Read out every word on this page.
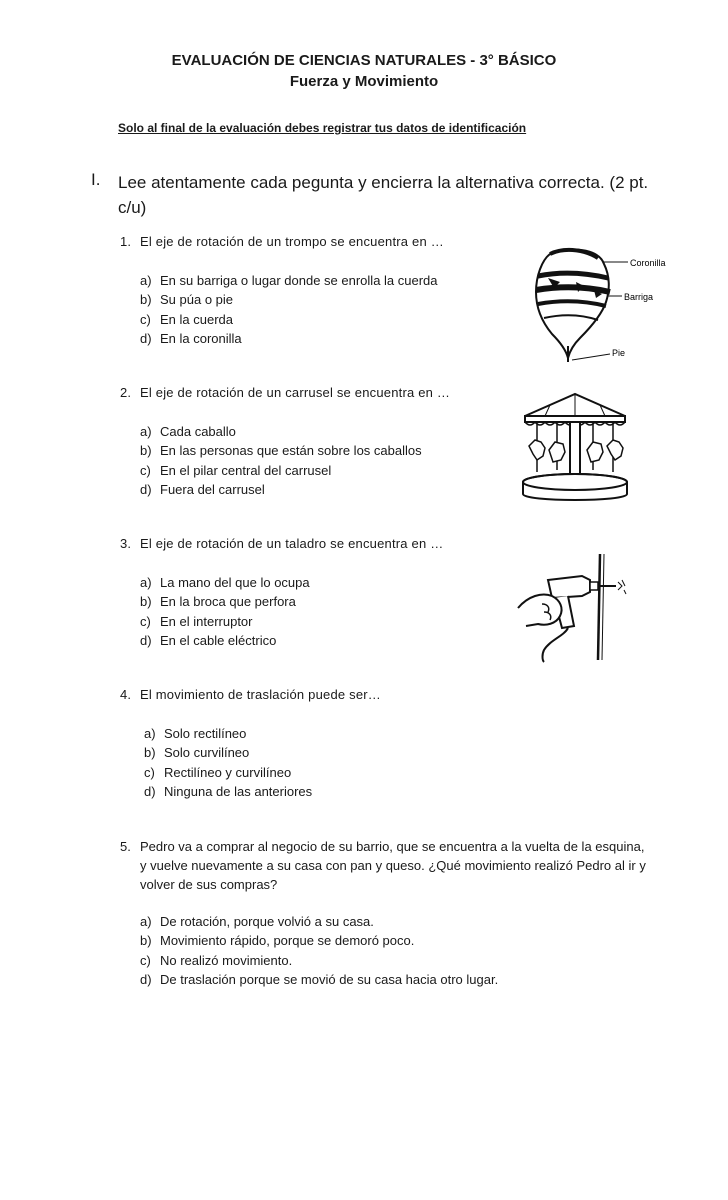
EVALUACIÓN DE CIENCIAS NATURALES - 3° BÁSICO
Fuerza y Movimiento
Solo al final de la evaluación debes registrar tus datos de identificación
I. Lee atentamente cada pegunta y encierra la alternativa correcta. (2 pt. c/u)
1. El eje de rotación de un trompo se encuentra en …
a) En su barriga o lugar donde se enrolla la cuerda
b) Su púa o pie
c) En la cuerda
d) En la coronilla
Coronilla
Barriga
Pie
2. El eje de rotación de un carrusel se encuentra en …
a) Cada caballo
b) En las personas que están sobre los caballos
c) En el pilar central del carrusel
d) Fuera del carrusel
3. El eje de rotación de un taladro se encuentra en …
a) La mano del que lo ocupa
b) En la broca que perfora
c) En el interruptor
d) En el cable eléctrico
4. El movimiento de traslación puede ser…
a) Solo rectilíneo
b) Solo curvilíneo
c) Rectilíneo y curvilíneo
d) Ninguna de las anteriores
5. Pedro va a comprar al negocio de su barrio, que se encuentra a la vuelta de la esquina, y vuelve nuevamente a su casa con pan y queso. ¿Qué movimiento realizó Pedro al ir y volver de sus compras?
a) De rotación, porque volvió a su casa.
b) Movimiento rápido, porque se demoró poco.
c) No realizó movimiento.
d) De traslación porque se movió de su casa hacia otro lugar.
